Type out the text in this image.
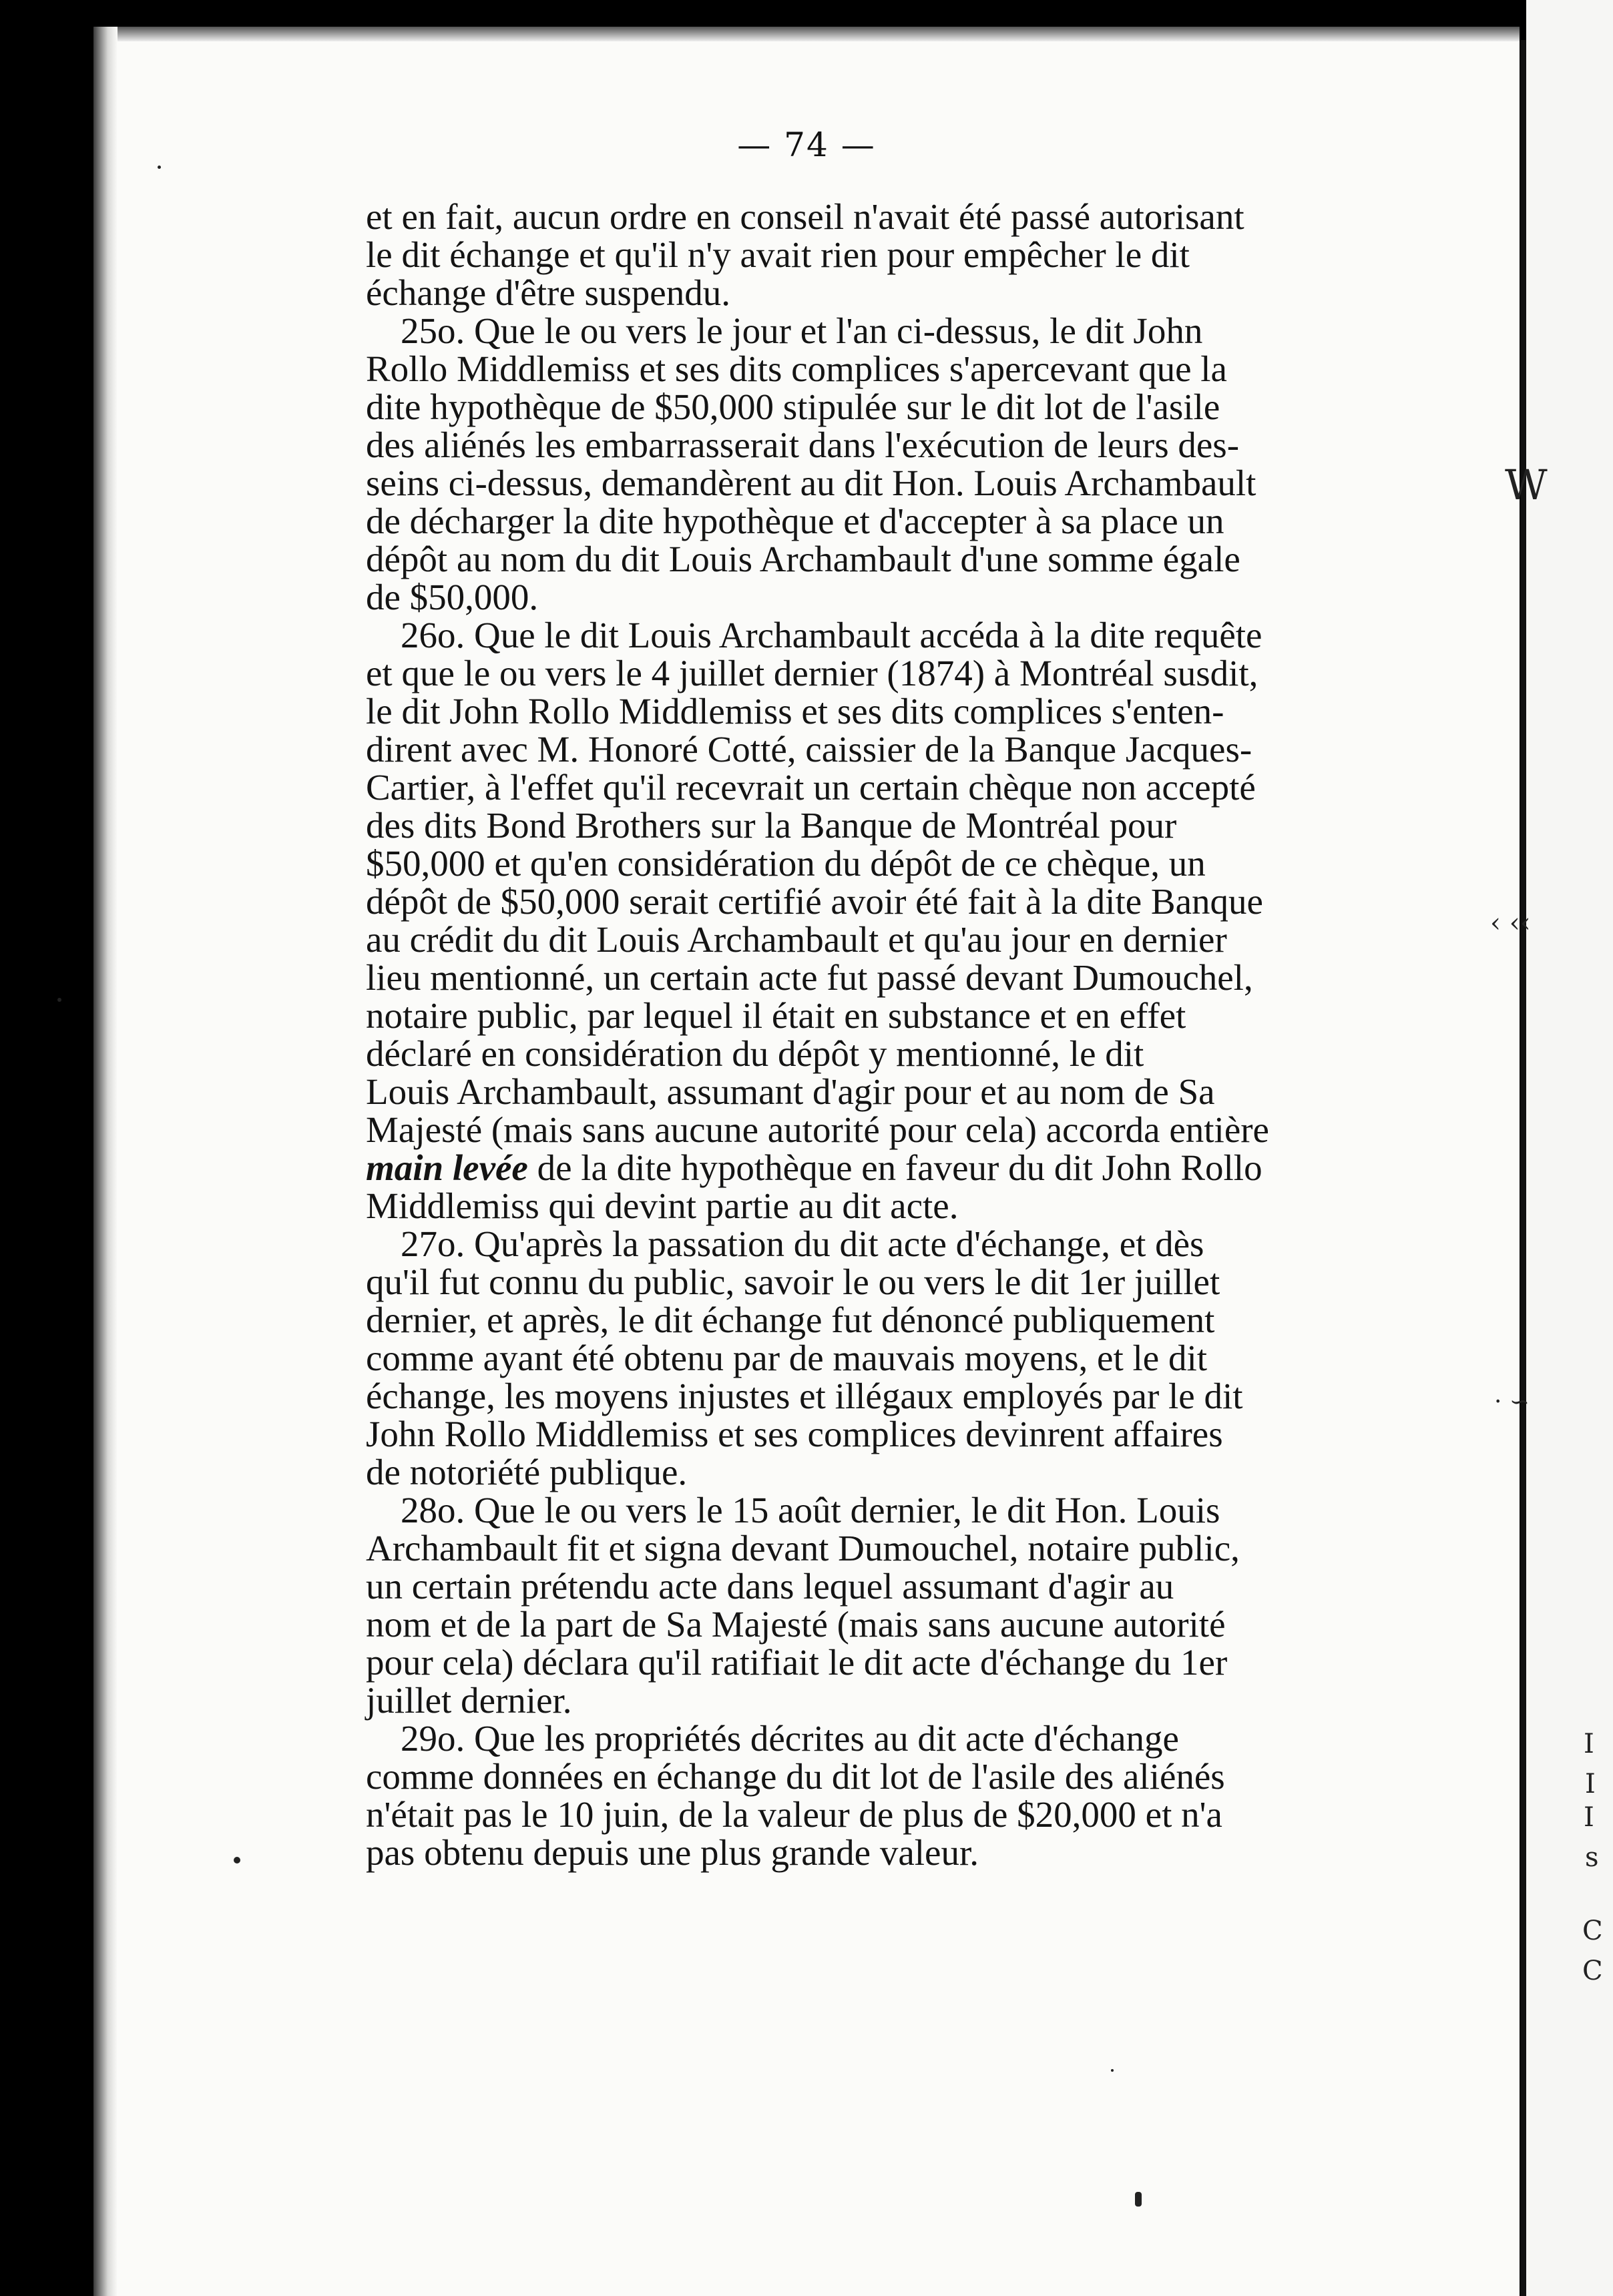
I
I
I
s
C
C
W
‹ ‹‹
· ∽
— 74 —

et en fait, aucun ordre en conseil n'avait été passé autorisant
le dit échange et qu'il n'y avait rien pour empêcher le dit
échange d'être suspendu.

25o. Que le ou vers le jour et l'an ci-dessus, le dit John
Rollo Middlemiss et ses dits complices s'apercevant que la
dite hypothèque de $50,000 stipulée sur le dit lot de l'asile
des aliénés les embarrasserait dans l'exécution de leurs des-
seins ci-dessus, demandèrent au dit Hon. Louis Archambault
de décharger la dite hypothèque et d'accepter à sa place un
dépôt au nom du dit Louis Archambault d'une somme égale
de $50,000.

26o. Que le dit Louis Archambault accéda à la dite requête
et que le ou vers le 4 juillet dernier (1874) à Montréal susdit,
le dit John Rollo Middlemiss et ses dits complices s'enten-
dirent avec M. Honoré Cotté, caissier de la Banque Jacques-
Cartier, à l'effet qu'il recevrait un certain chèque non accepté
des dits Bond Brothers sur la Banque de Montréal pour
$50,000 et qu'en considération du dépôt de ce chèque, un
dépôt de $50,000 serait certifié avoir été fait à la dite Banque
au crédit du dit Louis Archambault et qu'au jour en dernier
lieu mentionné, un certain acte fut passé devant Dumouchel,
notaire public, par lequel il était en substance et en effet
déclaré en considération du dépôt y mentionné, le dit
Louis Archambault, assumant d'agir pour et au nom de Sa
Majesté (mais sans aucune autorité pour cela) accorda entière
main levée de la dite hypothèque en faveur du dit John Rollo
Middlemiss qui devint partie au dit acte.

27o. Qu'après la passation du dit acte d'échange, et dès
qu'il fut connu du public, savoir le ou vers le dit 1er juillet
dernier, et après, le dit échange fut dénoncé publiquement
comme ayant été obtenu par de mauvais moyens, et le dit
échange, les moyens injustes et illégaux employés par le dit
John Rollo Middlemiss et ses complices devinrent affaires
de notoriété publique.

28o. Que le ou vers le 15 août dernier, le dit Hon. Louis
Archambault fit et signa devant Dumouchel, notaire public,
un certain prétendu acte dans lequel assumant d'agir au
nom et de la part de Sa Majesté (mais sans aucune autorité
pour cela) déclara qu'il ratifiait le dit acte d'échange du 1er
juillet dernier.

29o. Que les propriétés décrites au dit acte d'échange
comme données en échange du dit lot de l'asile des aliénés
n'était pas le 10 juin, de la valeur de plus de $20,000 et n'a
pas obtenu depuis une plus grande valeur.
